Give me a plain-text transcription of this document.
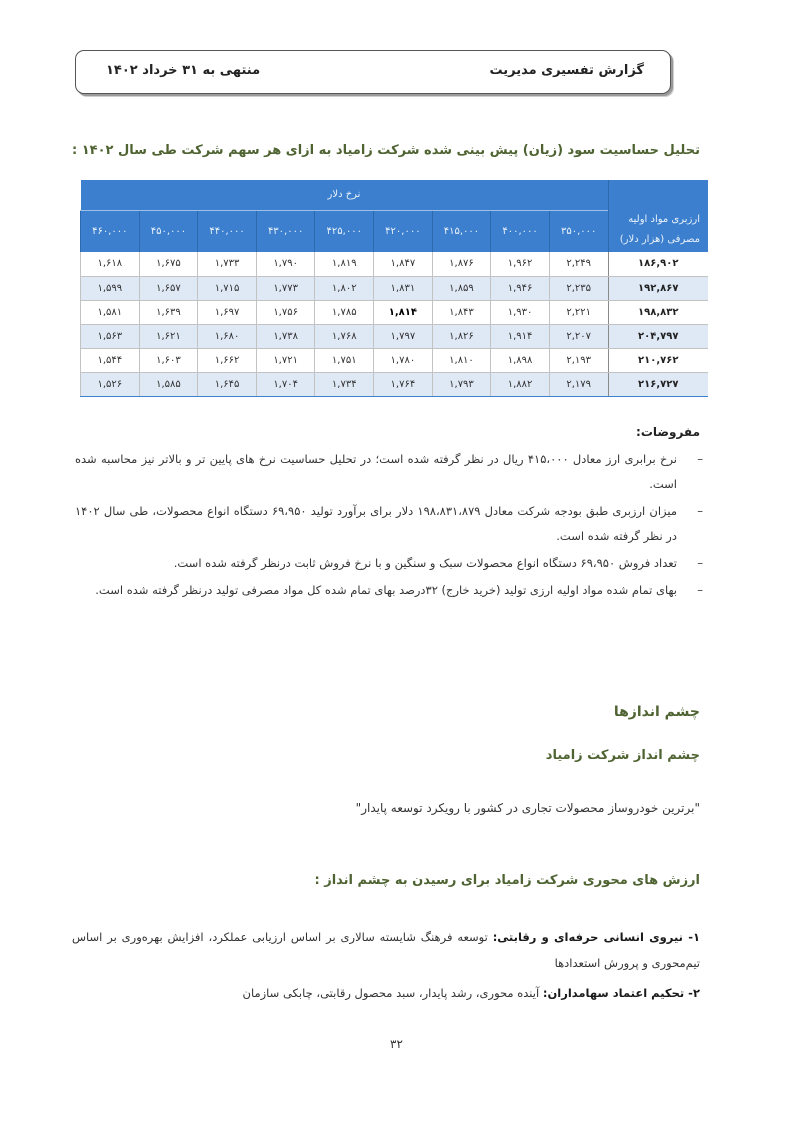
گزارش تفسیری مدیریت
منتهی به ۳۱ خرداد ۱۴۰۲
تحلیل حساسیت سود (زیان) پیش بینی شده شرکت زامیاد به ازای هر سهم شرکت طی سال ۱۴۰۲ :
ارزبری مواد اولیه مصرفی (هزار دلار)	نرخ دلار								
	۳۵۰,۰۰۰	۴۰۰,۰۰۰	۴۱۵,۰۰۰	۴۲۰,۰۰۰	۴۲۵,۰۰۰	۴۳۰,۰۰۰	۴۴۰,۰۰۰	۴۵۰,۰۰۰	۴۶۰,۰۰۰
۱۸۶,۹۰۲	۲,۲۴۹	۱,۹۶۲	۱,۸۷۶	۱,۸۴۷	۱,۸۱۹	۱,۷۹۰	۱,۷۳۳	۱,۶۷۵	۱,۶۱۸
۱۹۲,۸۶۷	۲,۲۳۵	۱,۹۴۶	۱,۸۵۹	۱,۸۳۱	۱,۸۰۲	۱,۷۷۳	۱,۷۱۵	۱,۶۵۷	۱,۵۹۹
۱۹۸,۸۳۲	۲,۲۲۱	۱,۹۳۰	۱,۸۴۳	۱,۸۱۴	۱,۷۸۵	۱,۷۵۶	۱,۶۹۷	۱,۶۳۹	۱,۵۸۱
۲۰۴,۷۹۷	۲,۲۰۷	۱,۹۱۴	۱,۸۲۶	۱,۷۹۷	۱,۷۶۸	۱,۷۳۸	۱,۶۸۰	۱,۶۲۱	۱,۵۶۳
۲۱۰,۷۶۲	۲,۱۹۳	۱,۸۹۸	۱,۸۱۰	۱,۷۸۰	۱,۷۵۱	۱,۷۲۱	۱,۶۶۲	۱,۶۰۳	۱,۵۴۴
۲۱۶,۷۲۷	۲,۱۷۹	۱,۸۸۲	۱,۷۹۳	۱,۷۶۴	۱,۷۳۴	۱,۷۰۴	۱,۶۴۵	۱,۵۸۵	۱,۵۲۶
مفروضات:
–
نرخ برابری ارز معادل ۴۱۵،۰۰۰ ریال در نظر گرفته شده است؛ در تحلیل حساسیت نرخ های پایین تر و بالاتر نیز محاسبه شده است.
–
میزان ارزبری طبق بودجه شرکت معادل ۱۹۸،۸۳۱،۸۷۹ دلار برای برآورد تولید ۶۹،۹۵۰ دستگاه انواع محصولات، طی سال ۱۴۰۲ در نظر گرفته شده است.
–
تعداد فروش ۶۹،۹۵۰ دستگاه انواع محصولات سبک و سنگین و با نرخ فروش ثابت درنظر گرفته شده است.
–
بهای تمام شده مواد اولیه ارزی تولید (خرید خارج) ۳۲درصد بهای تمام شده کل مواد مصرفی تولید درنظر گرفته شده است.
چشم اندازها
چشم انداز شرکت زامیاد
"برترین خودروساز محصولات تجاری در کشور با رویکرد توسعه پایدار"
ارزش های محوری شرکت زامیاد برای رسیدن به چشم انداز :
۱- نیروی انسانی حرفه‌ای و رقابتی: توسعه فرهنگ شایسته سالاری بر اساس ارزیابی عملکرد، افزایش بهره‌وری بر اساس تیم‌محوری و پرورش استعدادها
۲- تحکیم اعتماد سهامداران: آینده محوری، رشد پایدار، سبد محصول رقابتی، چابکی سازمان
۳۲
